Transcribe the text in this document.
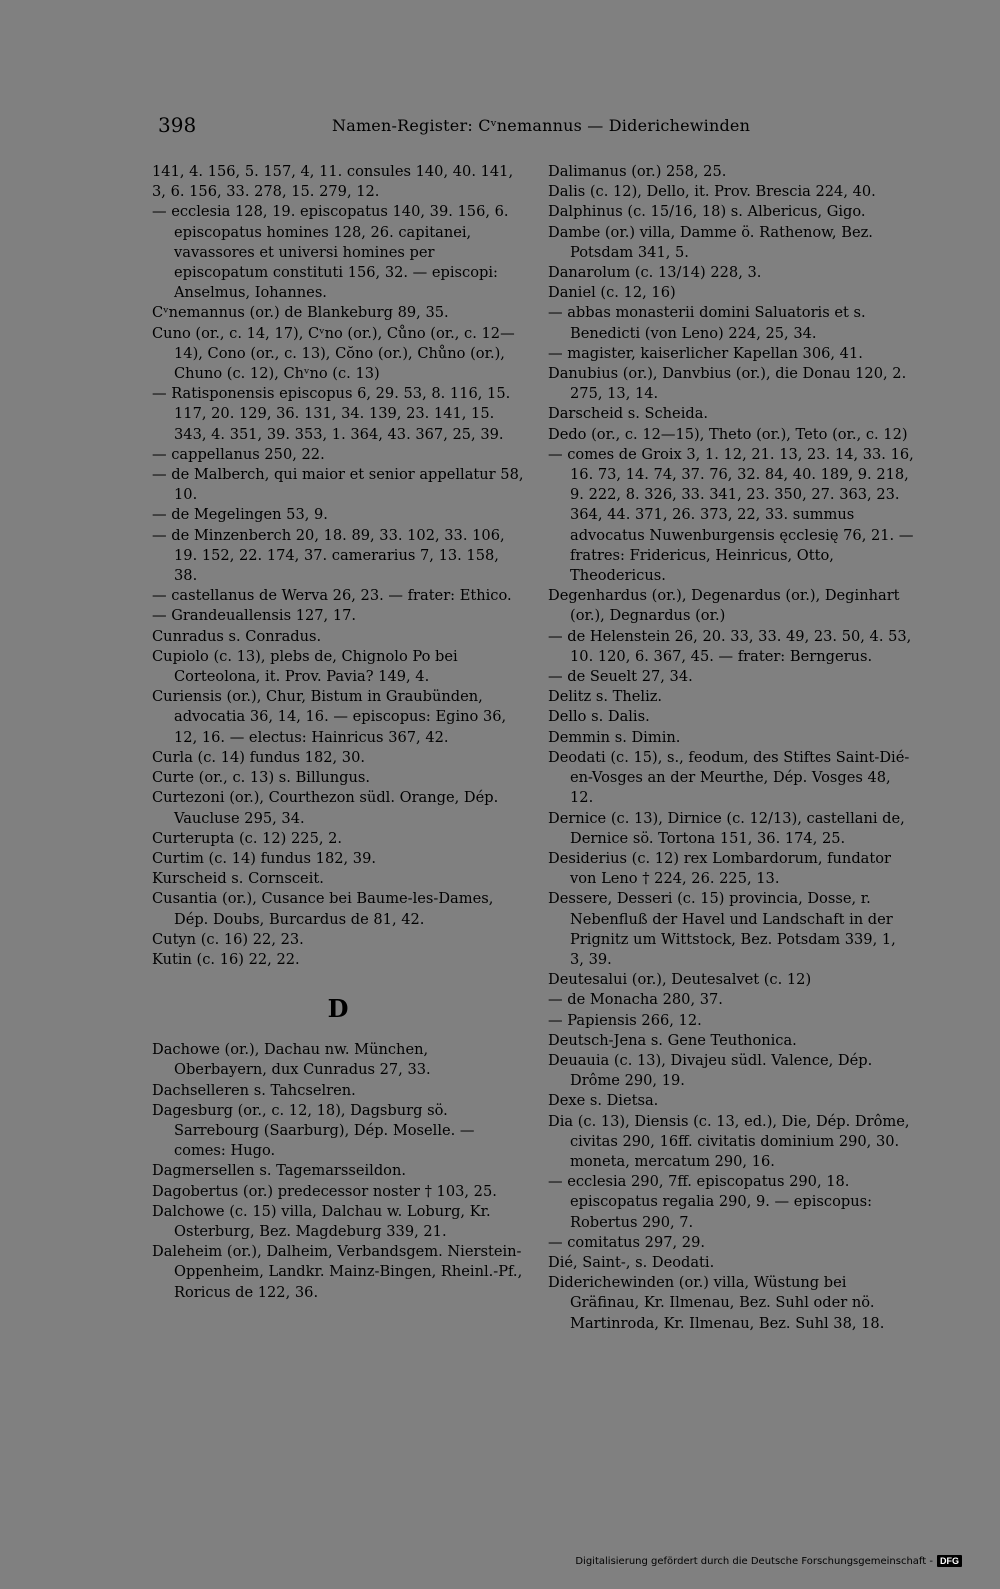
398	Namen-Register: Cᵛnemannus — Diderichewinden

141, 4. 156, 5. 157, 4, 11. consules 140, 40. 141, 3, 6. 156, 33. 278, 15. 279, 12.

— ecclesia 128, 19. episcopatus 140, 39. 156, 6. episcopatus homines 128, 26. capitanei, vavassores et universi homines per episcopatum constituti 156, 32. — episcopi: Anselmus, Iohannes.

Cᵛnemannus (or.) de Blankeburg 89, 35.

Cuno (or., c. 14, 17), Cᵛno (or.), Cůno (or., c. 12—14), Cono (or., c. 13), Cŏno (or.), Chůno (or.), Chuno (c. 12), Chᵛno (c. 13)

— Ratisponensis episcopus 6, 29. 53, 8. 116, 15. 117, 20. 129, 36. 131, 34. 139, 23. 141, 15. 343, 4. 351, 39. 353, 1. 364, 43. 367, 25, 39.

— cappellanus 250, 22.

— de Malberch, qui maior et senior appellatur 58, 10.

— de Megelingen 53, 9.

— de Minzenberch 20, 18. 89, 33. 102, 33. 106, 19. 152, 22. 174, 37. camerarius 7, 13. 158, 38.

— castellanus de Werva 26, 23. — frater: Ethico.

— Grandeuallensis 127, 17.

Cunradus s. Conradus.

Cupiolo (c. 13), plebs de, Chignolo Po bei Corteolona, it. Prov. Pavia? 149, 4.

Curiensis (or.), Chur, Bistum in Graubünden, advocatia 36, 14, 16. — episcopus: Egino 36, 12, 16. — electus: Hainricus 367, 42.

Curla (c. 14) fundus 182, 30.

Curte (or., c. 13) s. Billungus.

Curtezoni (or.), Courthezon südl. Orange, Dép. Vaucluse 295, 34.

Curterupta (c. 12) 225, 2.

Curtim (c. 14) fundus 182, 39.

Kurscheid s. Cornsceit.

Cusantia (or.), Cusance bei Baume-les-Dames, Dép. Doubs, Burcardus de 81, 42.

Cutyn (c. 16) 22, 23.

Kutin (c. 16) 22, 22.

D

Dachowe (or.), Dachau nw. München, Oberbayern, dux Cunradus 27, 33.

Dachselleren s. Tahcselren.

Dagesburg (or., c. 12, 18), Dagsburg sö. Sarrebourg (Saarburg), Dép. Moselle. — comes: Hugo.

Dagmersellen s. Tagemarsseildon.

Dagobertus (or.) predecessor noster † 103, 25.

Dalchowe (c. 15) villa, Dalchau w. Loburg, Kr. Osterburg, Bez. Magdeburg 339, 21.

Daleheim (or.), Dalheim, Verbandsgem. Nierstein-Oppenheim, Landkr. Mainz-Bingen, Rheinl.-Pf., Roricus de 122, 36.

Dalimanus (or.) 258, 25.

Dalis (c. 12), Dello, it. Prov. Brescia 224, 40.

Dalphinus (c. 15/16, 18) s. Albericus, Gigo.

Dambe (or.) villa, Damme ö. Rathenow, Bez. Potsdam 341, 5.

Danarolum (c. 13/14) 228, 3.

Daniel (c. 12, 16)

— abbas monasterii domini Saluatoris et s. Benedicti (von Leno) 224, 25, 34.

— magister, kaiserlicher Kapellan 306, 41.

Danubius (or.), Danvbius (or.), die Donau 120, 2. 275, 13, 14.

Darscheid s. Scheida.

Dedo (or., c. 12—15), Theto (or.), Teto (or., c. 12)

— comes de Groix 3, 1. 12, 21. 13, 23. 14, 33. 16, 16. 73, 14. 74, 37. 76, 32. 84, 40. 189, 9. 218, 9. 222, 8. 326, 33. 341, 23. 350, 27. 363, 23. 364, 44. 371, 26. 373, 22, 33. summus advocatus Nuwenburgensis ęcclesię 76, 21. — fratres: Fridericus, Heinricus, Otto, Theodericus.

Degenhardus (or.), Degenardus (or.), Deginhart (or.), Degnardus (or.)

— de Helenstein 26, 20. 33, 33. 49, 23. 50, 4. 53, 10. 120, 6. 367, 45. — frater: Berngerus.

— de Seuelt 27, 34.

Delitz s. Theliz.

Dello s. Dalis.

Demmin s. Dimin.

Deodati (c. 15), s., feodum, des Stiftes Saint-Dié-en-Vosges an der Meurthe, Dép. Vosges 48, 12.

Dernice (c. 13), Dirnice (c. 12/13), castellani de, Dernice sö. Tortona 151, 36. 174, 25.

Desiderius (c. 12) rex Lombardorum, fundator von Leno † 224, 26. 225, 13.

Dessere, Desseri (c. 15) provincia, Dosse, r. Nebenfluß der Havel und Landschaft in der Prignitz um Wittstock, Bez. Potsdam 339, 1, 3, 39.

Deutesalui (or.), Deutesalvet (c. 12)

— de Monacha 280, 37.

— Papiensis 266, 12.

Deutsch-Jena s. Gene Teuthonica.

Deuauia (c. 13), Divajeu südl. Valence, Dép. Drôme 290, 19.

Dexe s. Dietsa.

Dia (c. 13), Diensis (c. 13, ed.), Die, Dép. Drôme, civitas 290, 16ff. civitatis dominium 290, 30. moneta, mercatum 290, 16.

— ecclesia 290, 7ff. episcopatus 290, 18. episcopatus regalia 290, 9. — episcopus: Robertus 290, 7.

— comitatus 297, 29.

Dié, Saint-, s. Deodati.

Diderichewinden (or.) villa, Wüstung bei Gräfinau, Kr. Ilmenau, Bez. Suhl oder nö. Martinroda, Kr. Ilmenau, Bez. Suhl 38, 18.

Digitalisierung gefördert durch die Deutsche Forschungsgemeinschaft - DFG
